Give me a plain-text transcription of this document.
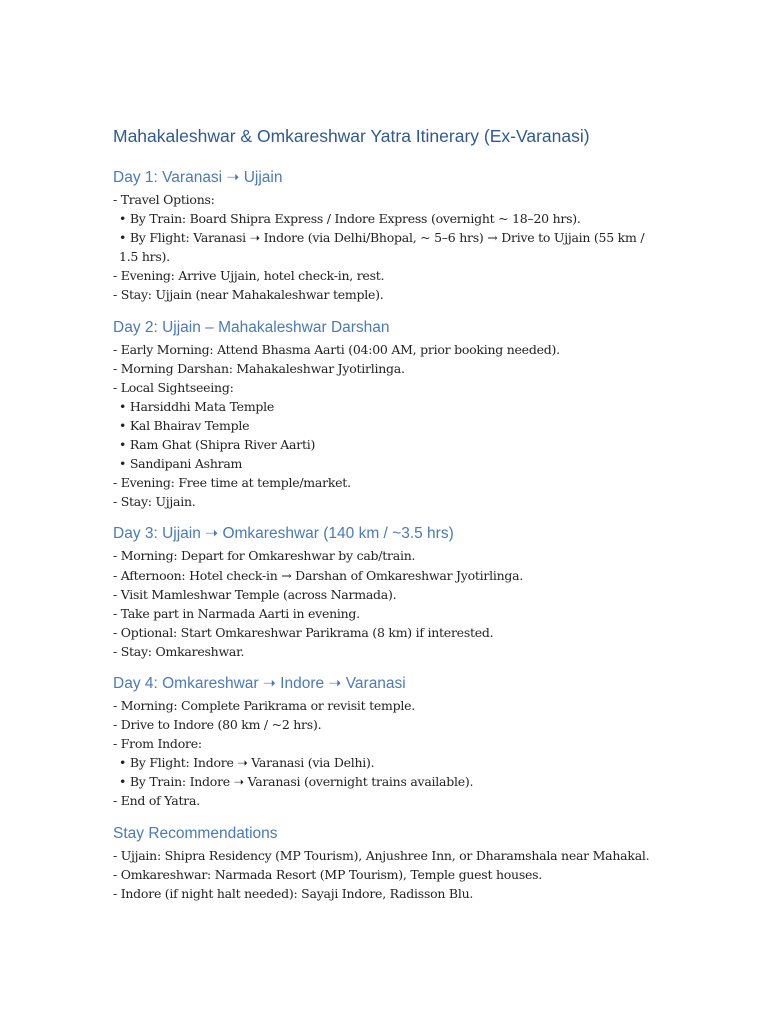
Mahakaleshwar & Omkareshwar Yatra Itinerary (Ex-Varanasi)
Day 1: Varanasi ➝ Ujjain

- Travel Options:

• By Train: Board Shipra Express / Indore Express (overnight ~ 18–20 hrs).

• By Flight: Varanasi ➝ Indore (via Delhi/Bhopal, ~ 5–6 hrs) → Drive to Ujjain (55 km / 1.5 hrs).

- Evening: Arrive Ujjain, hotel check-in, rest.

- Stay: Ujjain (near Mahakaleshwar temple).

Day 2: Ujjain – Mahakaleshwar Darshan

- Early Morning: Attend Bhasma Aarti (04:00 AM, prior booking needed).

- Morning Darshan: Mahakaleshwar Jyotirlinga.

- Local Sightseeing:

• Harsiddhi Mata Temple

• Kal Bhairav Temple

• Ram Ghat (Shipra River Aarti)

• Sandipani Ashram

- Evening: Free time at temple/market.

- Stay: Ujjain.

Day 3: Ujjain ➝ Omkareshwar (140 km / ~3.5 hrs)

- Morning: Depart for Omkareshwar by cab/train.

- Afternoon: Hotel check-in → Darshan of Omkareshwar Jyotirlinga.

- Visit Mamleshwar Temple (across Narmada).

- Take part in Narmada Aarti in evening.

- Optional: Start Omkareshwar Parikrama (8 km) if interested.

- Stay: Omkareshwar.

Day 4: Omkareshwar ➝ Indore ➝ Varanasi

- Morning: Complete Parikrama or revisit temple.

- Drive to Indore (80 km / ~2 hrs).

- From Indore:

• By Flight: Indore ➝ Varanasi (via Delhi).

• By Train: Indore ➝ Varanasi (overnight trains available).

- End of Yatra.

Stay Recommendations

- Ujjain: Shipra Residency (MP Tourism), Anjushree Inn, or Dharamshala near Mahakal.

- Omkareshwar: Narmada Resort (MP Tourism), Temple guest houses.

- Indore (if night halt needed): Sayaji Indore, Radisson Blu.
